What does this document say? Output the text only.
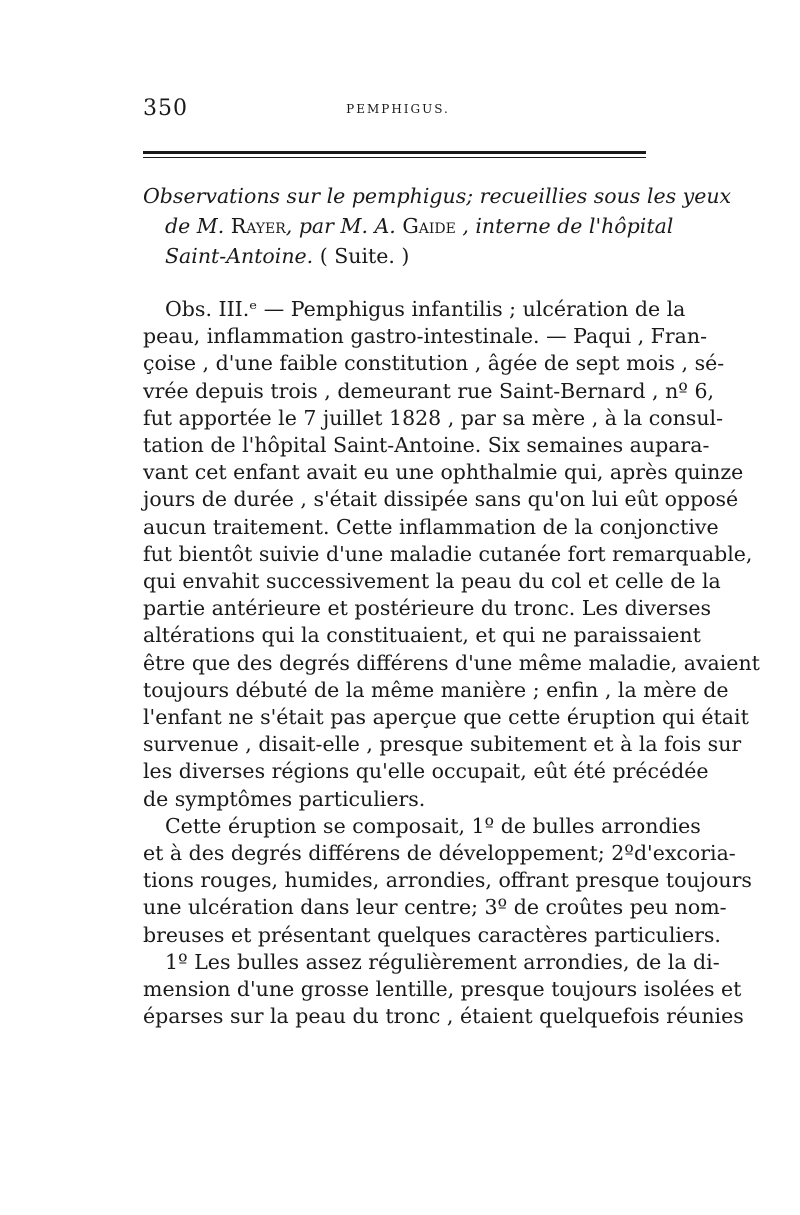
350	PEMPHIGUS.
Observations sur le pemphigus; recueillies sous les yeux
de M. Rayer, par M. A. Gaide , interne de l'hôpital
Saint-Antoine. ( Suite. )
Obs. III.ᵉ — Pemphigus infantilis ; ulcération de la
peau, inflammation gastro-intestinale. — Paqui , Fran-
çoise , d'une faible constitution , âgée de sept mois , sé-
vrée depuis trois , demeurant rue Saint-Bernard , nº 6,
fut apportée le 7 juillet 1828 , par sa mère , à la consul-
tation de l'hôpital Saint-Antoine. Six semaines aupara-
vant cet enfant avait eu une ophthalmie qui, après quinze
jours de durée , s'était dissipée sans qu'on lui eût opposé
aucun traitement. Cette inflammation de la conjonctive
fut bientôt suivie d'une maladie cutanée fort remarquable,
qui envahit successivement la peau du col et celle de la
partie antérieure et postérieure du tronc. Les diverses
altérations qui la constituaient, et qui ne paraissaient
être que des degrés différens d'une même maladie, avaient
toujours débuté de la même manière ; enfin , la mère de
l'enfant ne s'était pas aperçue que cette éruption qui était
survenue , disait-elle , presque subitement et à la fois sur
les diverses régions qu'elle occupait, eût été précédée
de symptômes particuliers.
Cette éruption se composait, 1º de bulles arrondies
et à des degrés différens de développement; 2ºd'excoria-
tions rouges, humides, arrondies, offrant presque toujours
une ulcération dans leur centre; 3º de croûtes peu nom-
breuses et présentant quelques caractères particuliers.
1º Les bulles assez régulièrement arrondies, de la di-
mension d'une grosse lentille, presque toujours isolées et
éparses sur la peau du tronc , étaient quelquefois réunies
